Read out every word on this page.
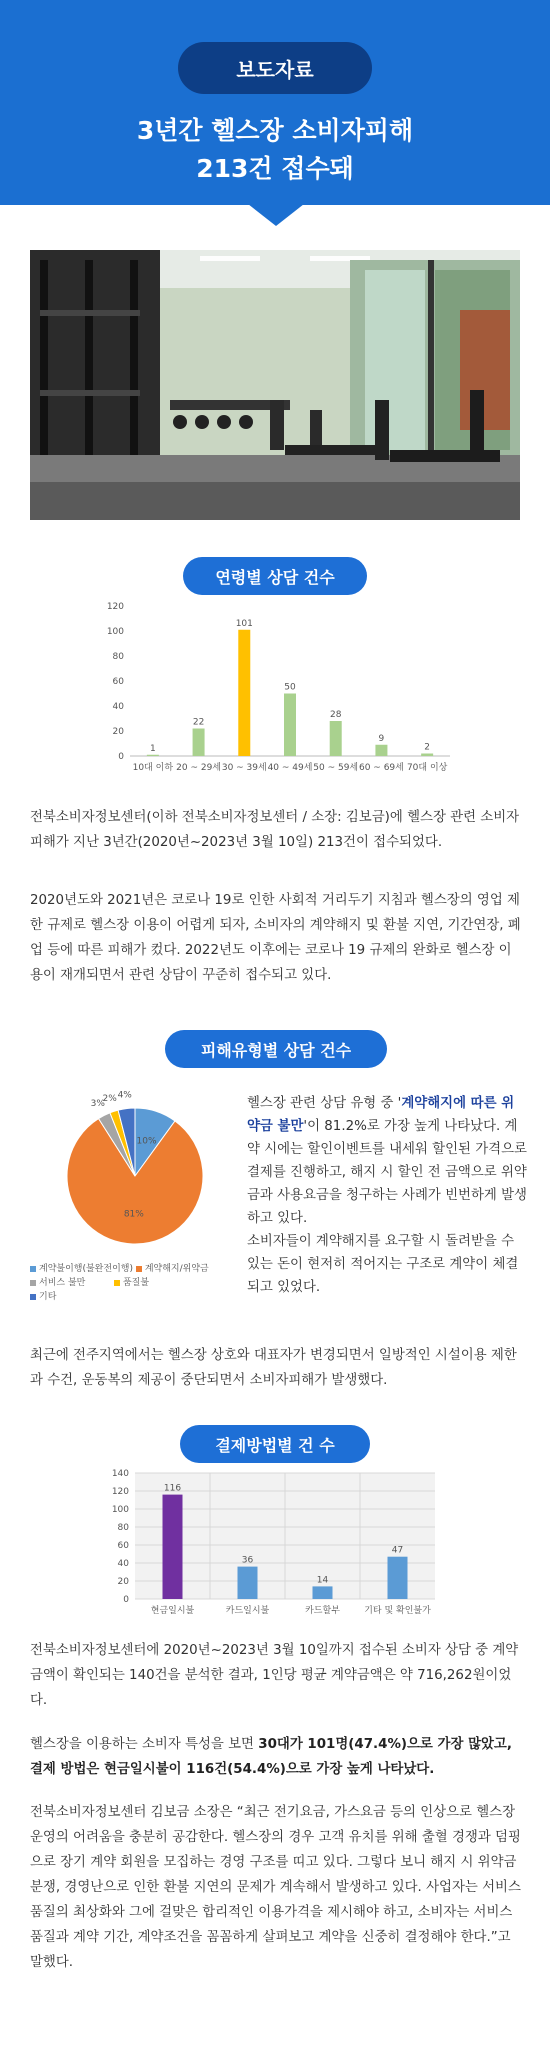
보도자료
3년간 헬스장 소비자피해
213건 접수돼
연령별 상담 건수
0
20
40
60
80
100
120
1
10대 이하
22
20 ~ 29세
101
30 ~ 39세
50
40 ~ 49세
28
50 ~ 59세
9
60 ~ 69세
2
70대 이상

전북소비자정보센터(이하 전북소비자정보센터 / 소장: 김보금)에 헬스장 관련 소비자피해가 지난 3년간(2020년~2023년 3월 10일) 213건이 접수되었다.

2020년도와 2021년은 코로나 19로 인한 사회적 거리두기 지침과 헬스장의 영업 제한 규제로 헬스장 이용이 어렵게 되자, 소비자의 계약해지 및 환불 지연, 기간연장, 폐업 등에 따른 피해가 컸다. 2022년도 이후에는 코로나 19 규제의 완화로 헬스장 이용이 재개되면서 관련 상담이 꾸준히 접수되고 있다.

피해유형별 상담 건수
10%
81%
3%
2% 4%
계약불이행(불완전이행) 계약해지/위약금
서비스 불만	품질불
기타
헬스장 관련 상담 유형 중 '계약해지에 따른 위약금 불만'이 81.2%로 가장 높게 나타났다. 계약 시에는 할인이벤트를 내세워 할인된 가격으로 결제를 진행하고, 해지 시 할인 전 금액으로 위약금과 사용요금을 청구하는 사례가 빈번하게 발생하고 있다.
소비자들이 계약해지를 요구할 시 돌려받을 수 있는 돈이 현저히 적어지는 구조로 계약이 체결되고 있었다.

최근에 전주지역에서는 헬스장 상호와 대표자가 변경되면서 일방적인 시설이용 제한과 수건, 운동복의 제공이 중단되면서 소비자피해가 발생했다.

결제방법별 건 수
0
20
40
60
80
100
120
140
116
현금일시불
36
카드일시불
14
카드할부
47
기타 및 확인불가

전북소비자정보센터에 2020년~2023년 3월 10일까지 접수된 소비자 상담 중 계약금액이 확인되는 140건을 분석한 결과, 1인당 평균 계약금액은 약 716,262원이었다.

헬스장을 이용하는 소비자 특성을 보면 30대가 101명(47.4%)으로 가장 많았고, 결제 방법은 현금일시불이 116건(54.4%)으로 가장 높게 나타났다.

전북소비자정보센터 김보금 소장은 “최근 전기요금, 가스요금 등의 인상으로 헬스장 운영의 어려움을 충분히 공감한다. 헬스장의 경우 고객 유치를 위해 출혈 경쟁과 덤핑으로 장기 계약 회원을 모집하는 경영 구조를 띠고 있다. 그렇다 보니 해지 시 위약금 분쟁, 경영난으로 인한 환불 지연의 문제가 계속해서 발생하고 있다. 사업자는 서비스 품질의 최상화와 그에 걸맞은 합리적인 이용가격을 제시해야 하고, 소비자는 서비스 품질과 계약 기간, 계약조건을 꼼꼼하게 살펴보고 계약을 신중히 결정해야 한다.”고 말했다.
